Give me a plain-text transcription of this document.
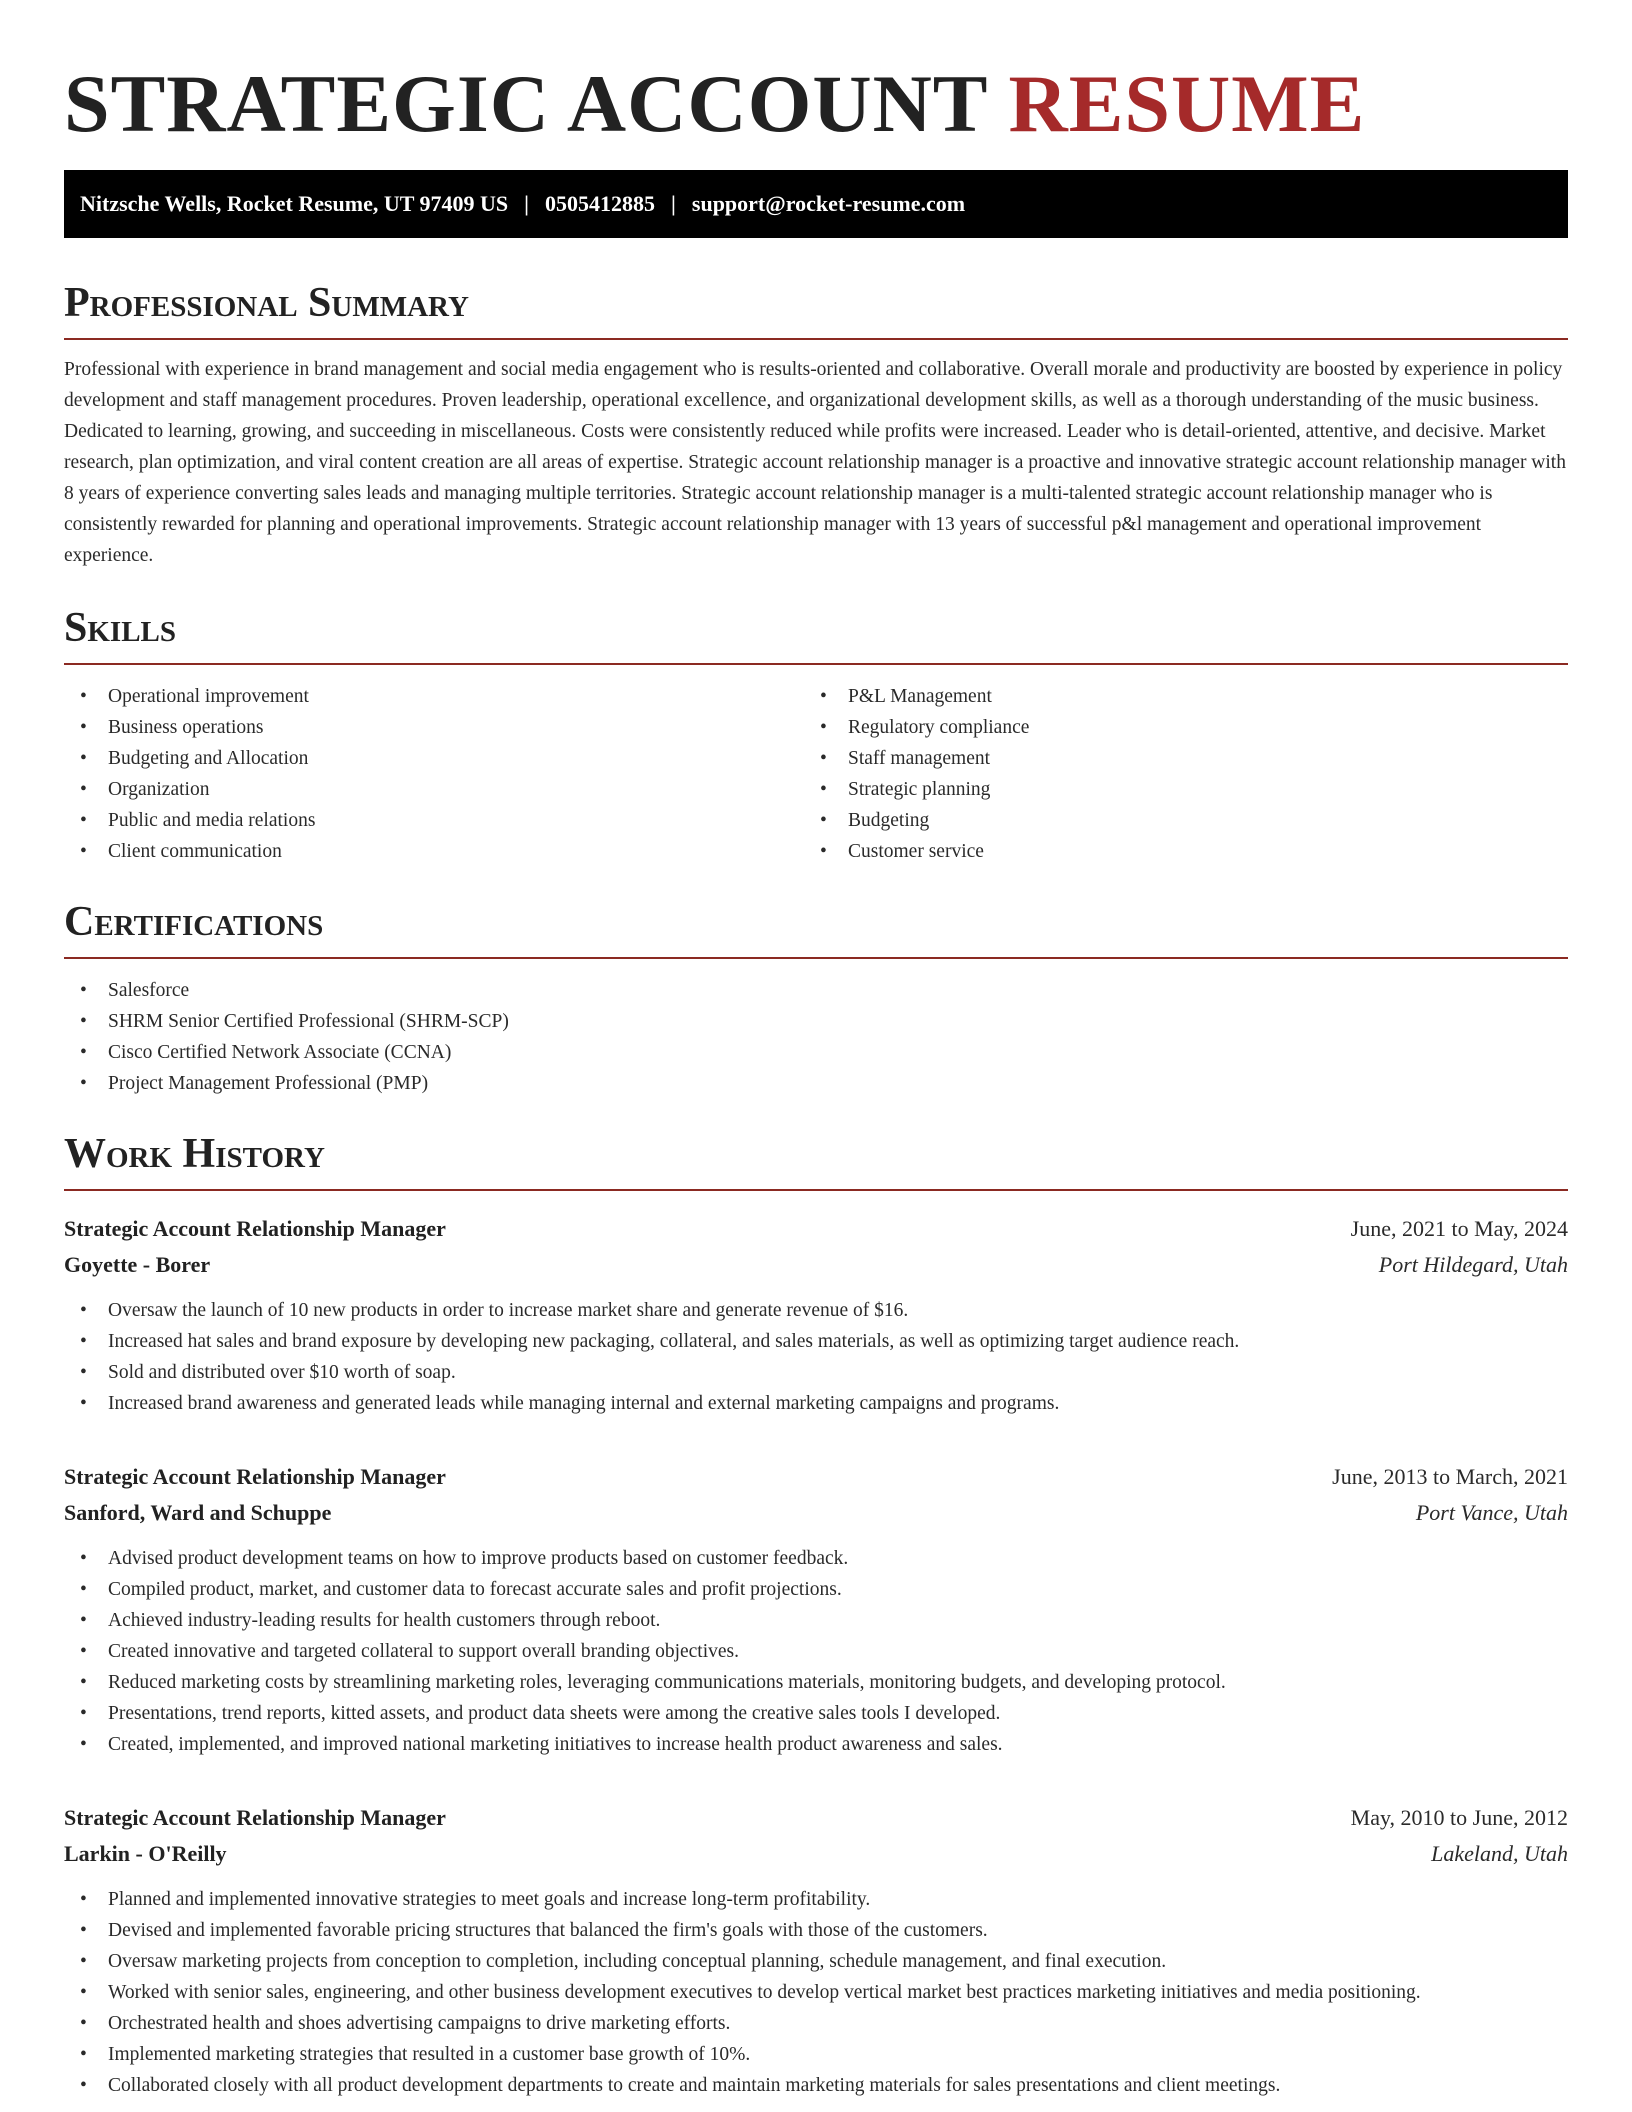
STRATEGIC ACCOUNT RESUME
Nitzsche Wells, Rocket Resume, UT 97409 US | 0505412885 | support@rocket-resume.com
Professional Summary

Professional with experience in brand management and social media engagement who is results-oriented and collaborative. Overall morale and productivity are boosted by experience in policy development and staff management procedures. Proven leadership, operational excellence, and organizational development skills, as well as a thorough understanding of the music business. Dedicated to learning, growing, and succeeding in miscellaneous. Costs were consistently reduced while profits were increased. Leader who is detail-oriented, attentive, and decisive. Market research, plan optimization, and viral content creation are all areas of expertise. Strategic account relationship manager is a proactive and innovative strategic account relationship manager with 8 years of experience converting sales leads and managing multiple territories. Strategic account relationship manager is a multi-talented strategic account relationship manager who is consistently rewarded for planning and operational improvements. Strategic account relationship manager with 13 years of successful p&l management and operational improvement experience.

Skills
• Operational improvement
• Business operations
• Budgeting and Allocation
• Organization
• Public and media relations
• Client communication
• P&L Management
• Regulatory compliance
• Staff management
• Strategic planning
• Budgeting
• Customer service
Certifications
• Salesforce
• SHRM Senior Certified Professional (SHRM-SCP)
• Cisco Certified Network Associate (CCNA)
• Project Management Professional (PMP)
Work History
Strategic Account Relationship Manager	June, 2021 to May, 2024
Goyette - Borer	Port Hildegard, Utah
• Oversaw the launch of 10 new products in order to increase market share and generate revenue of $16.
• Increased hat sales and brand exposure by developing new packaging, collateral, and sales materials, as well as optimizing target audience reach.
• Sold and distributed over $10 worth of soap.
• Increased brand awareness and generated leads while managing internal and external marketing campaigns and programs.
Strategic Account Relationship Manager	June, 2013 to March, 2021
Sanford, Ward and Schuppe	Port Vance, Utah
• Advised product development teams on how to improve products based on customer feedback.
• Compiled product, market, and customer data to forecast accurate sales and profit projections.
• Achieved industry-leading results for health customers through reboot.
• Created innovative and targeted collateral to support overall branding objectives.
• Reduced marketing costs by streamlining marketing roles, leveraging communications materials, monitoring budgets, and developing protocol.
• Presentations, trend reports, kitted assets, and product data sheets were among the creative sales tools I developed.
• Created, implemented, and improved national marketing initiatives to increase health product awareness and sales.
Strategic Account Relationship Manager	May, 2010 to June, 2012
Larkin - O'Reilly	Lakeland, Utah
• Planned and implemented innovative strategies to meet goals and increase long-term profitability.
• Devised and implemented favorable pricing structures that balanced the firm's goals with those of the customers.
• Oversaw marketing projects from conception to completion, including conceptual planning, schedule management, and final execution.
• Worked with senior sales, engineering, and other business development executives to develop vertical market best practices marketing initiatives and media positioning.
• Orchestrated health and shoes advertising campaigns to drive marketing efforts.
• Implemented marketing strategies that resulted in a customer base growth of 10%.
• Collaborated closely with all product development departments to create and maintain marketing materials for sales presentations and client meetings.
